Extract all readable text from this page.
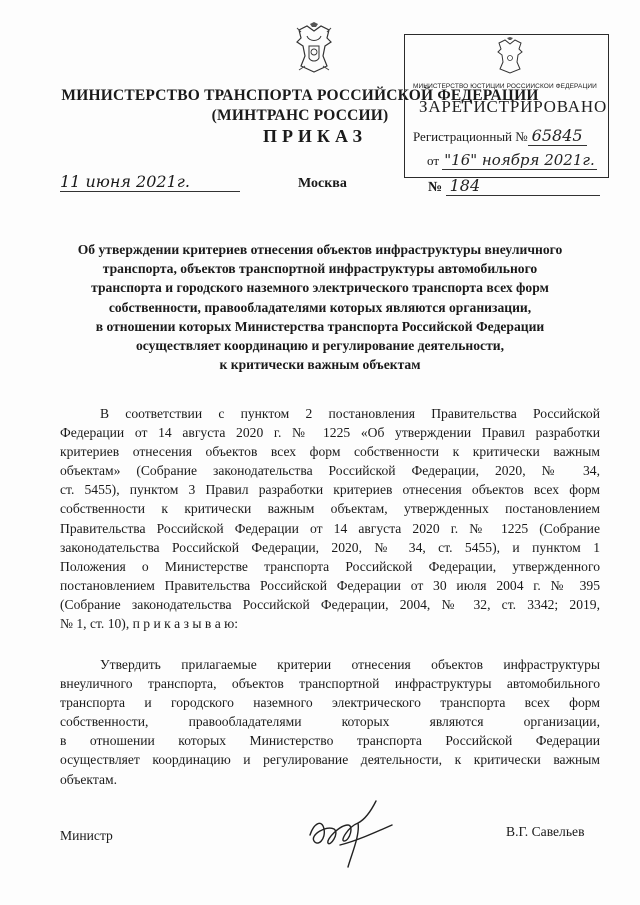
МИНИСТЕРСТВО ТРАНСПОРТА РОССИЙСКОЙ ФЕДЕРАЦИИ
(МИНТРАНС РОССИИ)
ПРИКАЗ
МИНИСТЕРСТВО ЮСТИЦИИ РОССИЙСКОЙ ФЕДЕРАЦИИ
ЗАРЕГИСТРИРОВАНО
Регистрационный № 65845
от "16" ноября 2021г.
11 июня 2021г.	Москва	№ 184
Об утверждении критериев отнесения объектов инфраструктуры внеуличного
транспорта, объектов транспортной инфраструктуры автомобильного
транспорта и городского наземного электрического транспорта всех форм
собственности, правообладателями которых являются организации,
в отношении которых Министерства транспорта Российской Федерации
осуществляет координацию и регулирование деятельности,
к критически важным объектам
В соответствии с пунктом 2 постановления Правительства Российской
Федерации от 14 августа 2020 г. № 1225 «Об утверждении Правил разработки
критериев отнесения объектов всех форм собственности к критически важным
объектам» (Собрание законодательства Российской Федерации, 2020, № 34,
ст. 5455), пунктом 3 Правил разработки критериев отнесения объектов всех форм
собственности к критически важным объектам, утвержденных постановлением
Правительства Российской Федерации от 14 августа 2020 г. № 1225 (Собрание
законодательства Российской Федерации, 2020, № 34, ст. 5455), и пунктом 1
Положения о Министерстве транспорта Российской Федерации, утвержденного
постановлением Правительства Российской Федерации от 30 июля 2004 г. № 395
(Собрание законодательства Российской Федерации, 2004, № 32, ст. 3342; 2019,
№ 1, ст. 10), п р и к а з ы в а ю:
Утвердить прилагаемые критерии отнесения объектов инфраструктуры
внеуличного транспорта, объектов транспортной инфраструктуры автомобильного
транспорта и городского наземного электрического транспорта всех форм
собственности, правообладателями которых являются организации,
в отношении которых Министерство транспорта Российской Федерации
осуществляет координацию и регулирование деятельности, к критически важным
объектам.
Министр	В.Г. Савельев
